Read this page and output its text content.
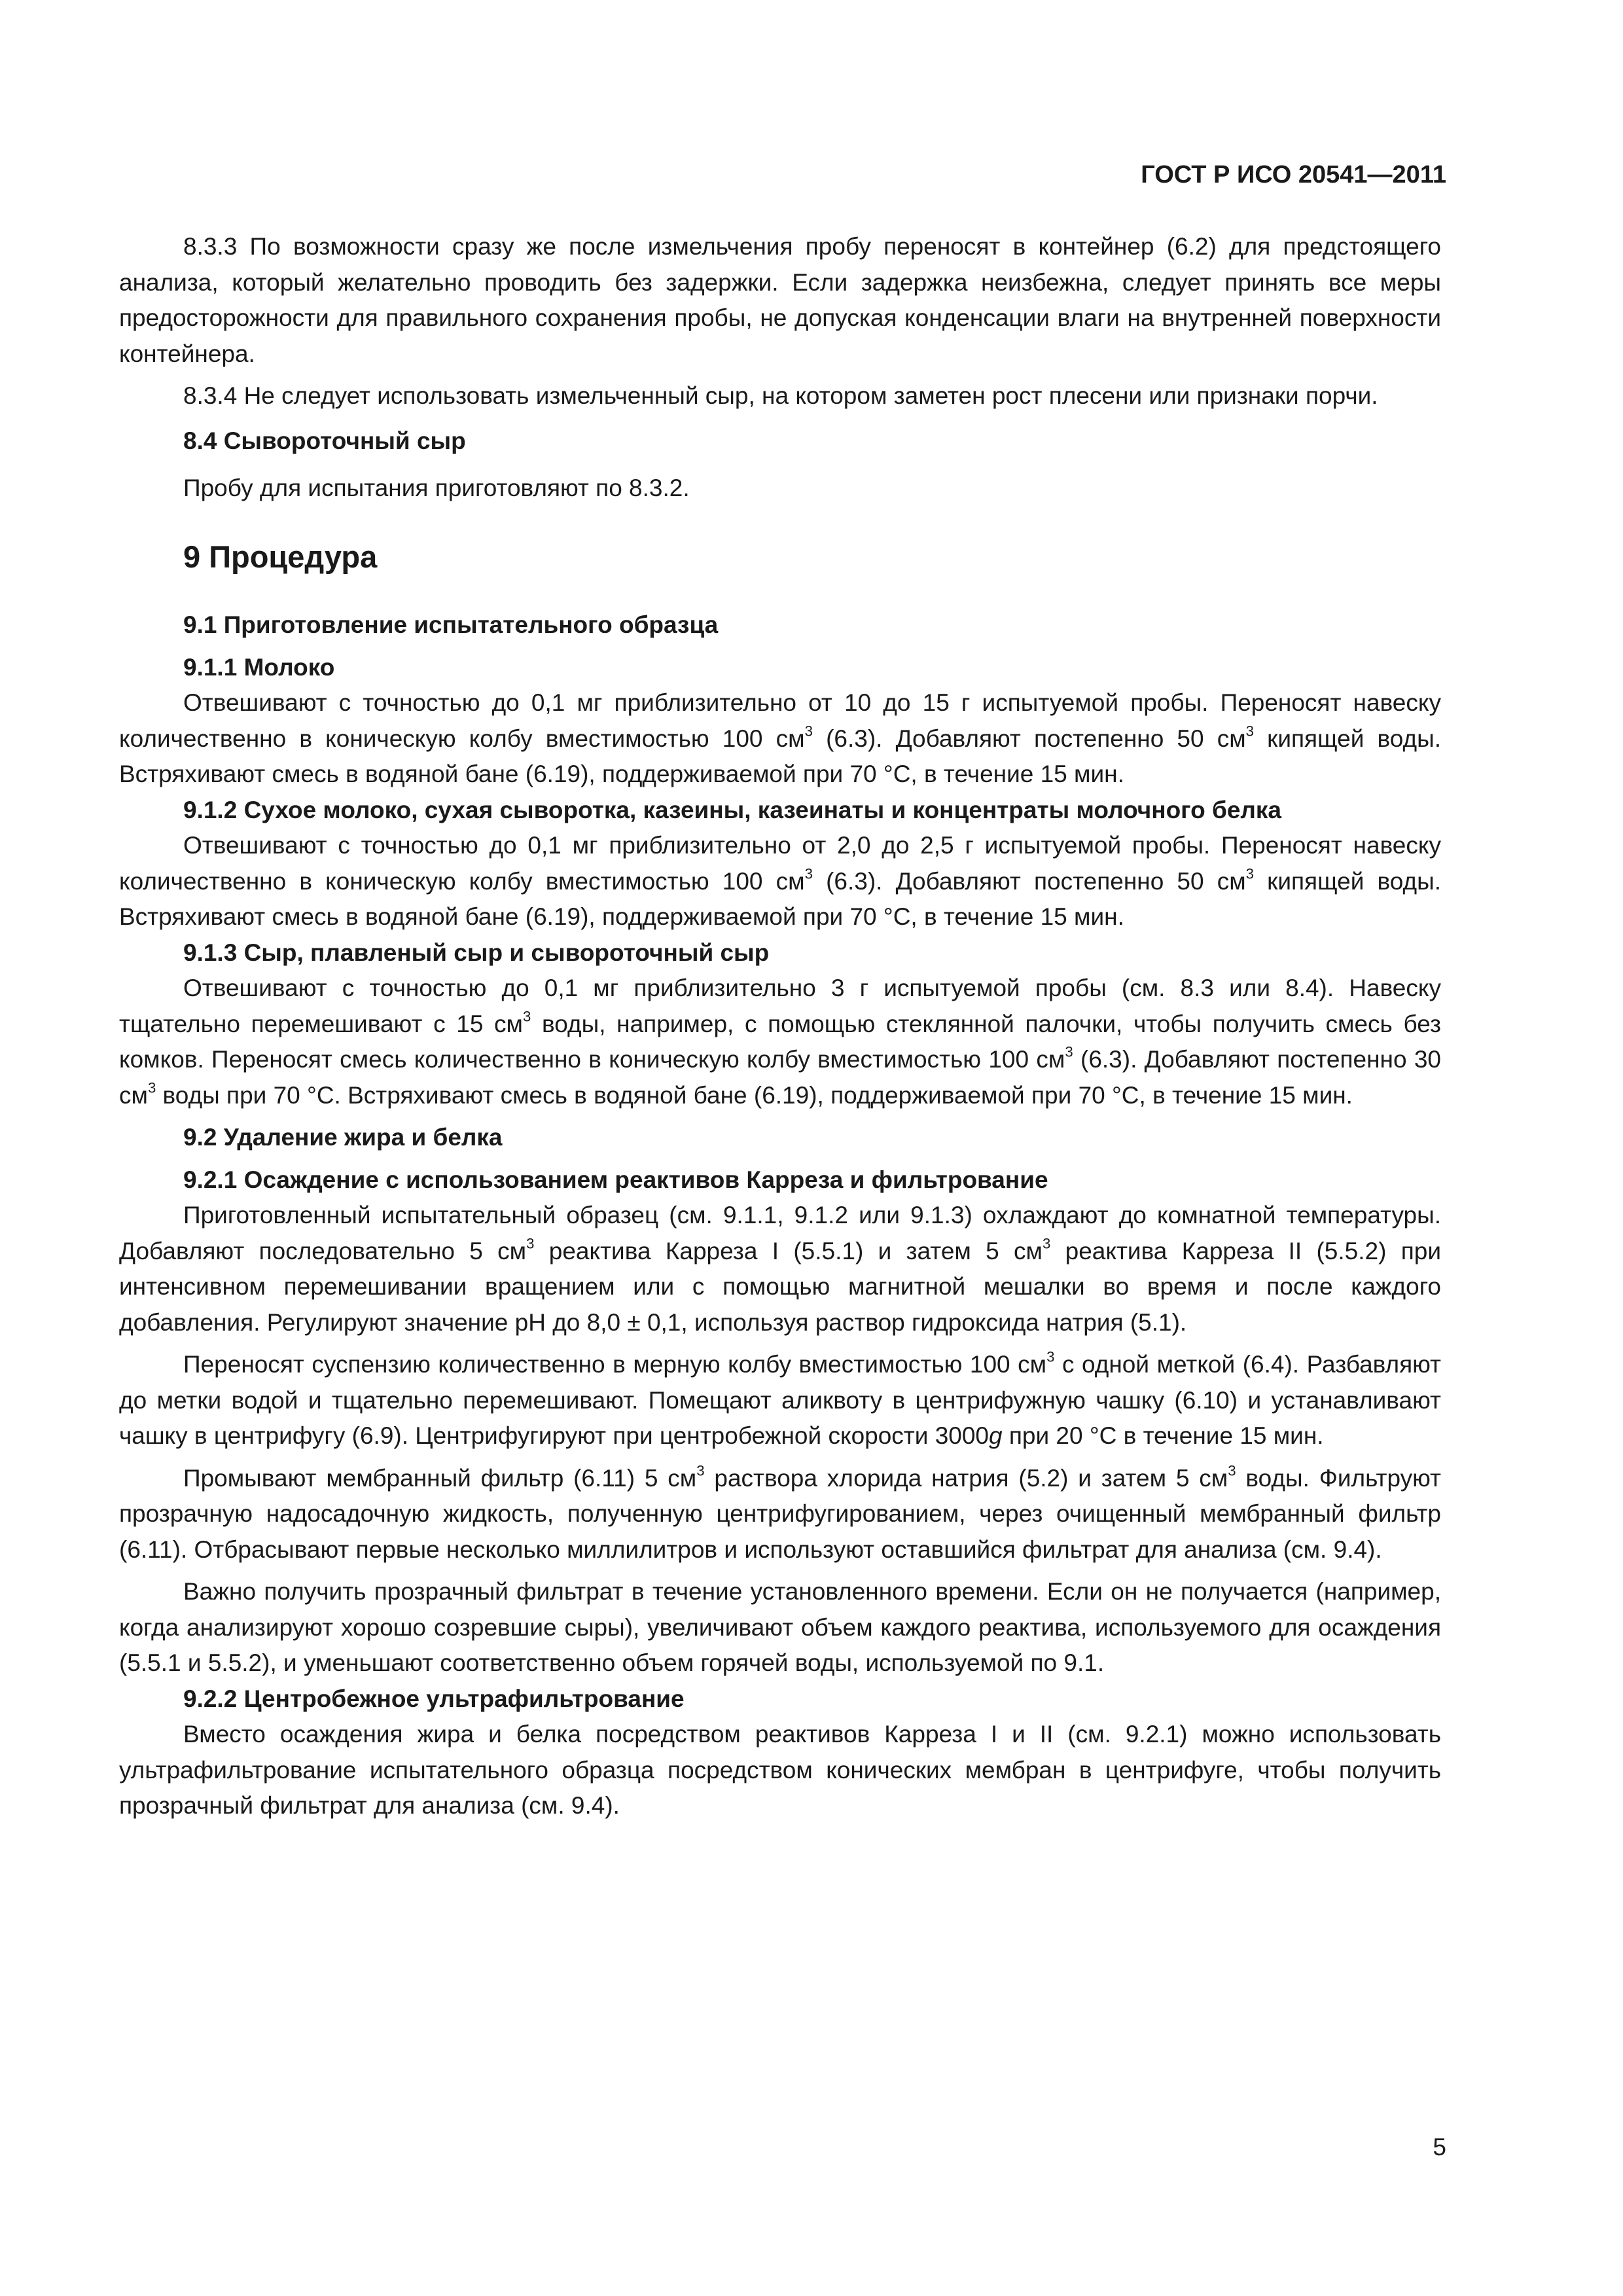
ГОСТ Р ИСО 20541—2011

8.3.3 По возможности сразу же после измельчения пробу переносят в контейнер (6.2) для предстоящего анализа, который желательно проводить без задержки. Если задержка неизбежна, следует принять все меры предосторожности для правильного сохранения пробы, не допуская конденсации влаги на внутренней поверхности контейнера.

8.3.4 Не следует использовать измельченный сыр, на котором заметен рост плесени или признаки порчи.

8.4 Сывороточный сыр

Пробу для испытания приготовляют по 8.3.2.

9 Процедура

9.1 Приготовление испытательного образца

9.1.1 Молоко

Отвешивают с точностью до 0,1 мг приблизительно от 10 до 15 г испытуемой пробы. Переносят навеску количественно в коническую колбу вместимостью 100 $см^3$ (6.3). Добавляют постепенно 50 $см^3$ кипящей воды. Встряхивают смесь в водяной бане (6.19), поддерживаемой при 70 °С, в течение 15 мин.

9.1.2 Сухое молоко, сухая сыворотка, казеины, казеинаты и концентраты молочного белка

Отвешивают с точностью до 0,1 мг приблизительно от 2,0 до 2,5 г испытуемой пробы. Переносят навеску количественно в коническую колбу вместимостью 100 $см^3$ (6.3). Добавляют постепенно 50 $см^3$ кипящей воды. Встряхивают смесь в водяной бане (6.19), поддерживаемой при 70 °С, в течение 15 мин.

9.1.3 Сыр, плавленый сыр и сывороточный сыр

Отвешивают с точностью до 0,1 мг приблизительно 3 г испытуемой пробы (см. 8.3 или 8.4). Навеску тщательно перемешивают с 15 $см^3$ воды, например, с помощью стеклянной палочки, чтобы получить смесь без комков. Переносят смесь количественно в коническую колбу вместимостью 100 $см^3$ (6.3). Добавляют постепенно 30 $см^3$ воды при 70 °С. Встряхивают смесь в водяной бане (6.19), поддерживаемой при 70 °С, в течение 15 мин.

9.2 Удаление жира и белка

9.2.1 Осаждение с использованием реактивов Карреза и фильтрование

Приготовленный испытательный образец (см. 9.1.1, 9.1.2 или 9.1.3) охлаждают до комнатной температуры. Добавляют последовательно 5 $см^3$ реактива Карреза I (5.5.1) и затем 5 $см^3$ реактива Карреза II (5.5.2) при интенсивном перемешивании вращением или с помощью магнитной мешалки во время и после каждого добавления. Регулируют значение pH до 8,0 ± 0,1, используя раствор гидроксида натрия (5.1).

Переносят суспензию количественно в мерную колбу вместимостью 100 $см^3$ с одной меткой (6.4). Разбавляют до метки водой и тщательно перемешивают. Помещают аликвоту в центрифужную чашку (6.10) и устанавливают чашку в центрифугу (6.9). Центрифугируют при центробежной скорости 3000g при 20 °С в течение 15 мин.

Промывают мембранный фильтр (6.11) 5 $см^3$ раствора хлорида натрия (5.2) и затем 5 $см^3$ воды. Фильтруют прозрачную надосадочную жидкость, полученную центрифугированием, через очищенный мембранный фильтр (6.11). Отбрасывают первые несколько миллилитров и используют оставшийся фильтрат для анализа (см. 9.4).

Важно получить прозрачный фильтрат в течение установленного времени. Если он не получается (например, когда анализируют хорошо созревшие сыры), увеличивают объем каждого реактива, используемого для осаждения (5.5.1 и 5.5.2), и уменьшают соответственно объем горячей воды, используемой по 9.1.

9.2.2 Центробежное ультрафильтрование

Вместо осаждения жира и белка посредством реактивов Карреза I и II (см. 9.2.1) можно использовать ультрафильтрование испытательного образца посредством конических мембран в центрифуге, чтобы получить прозрачный фильтрат для анализа (см. 9.4).

5
